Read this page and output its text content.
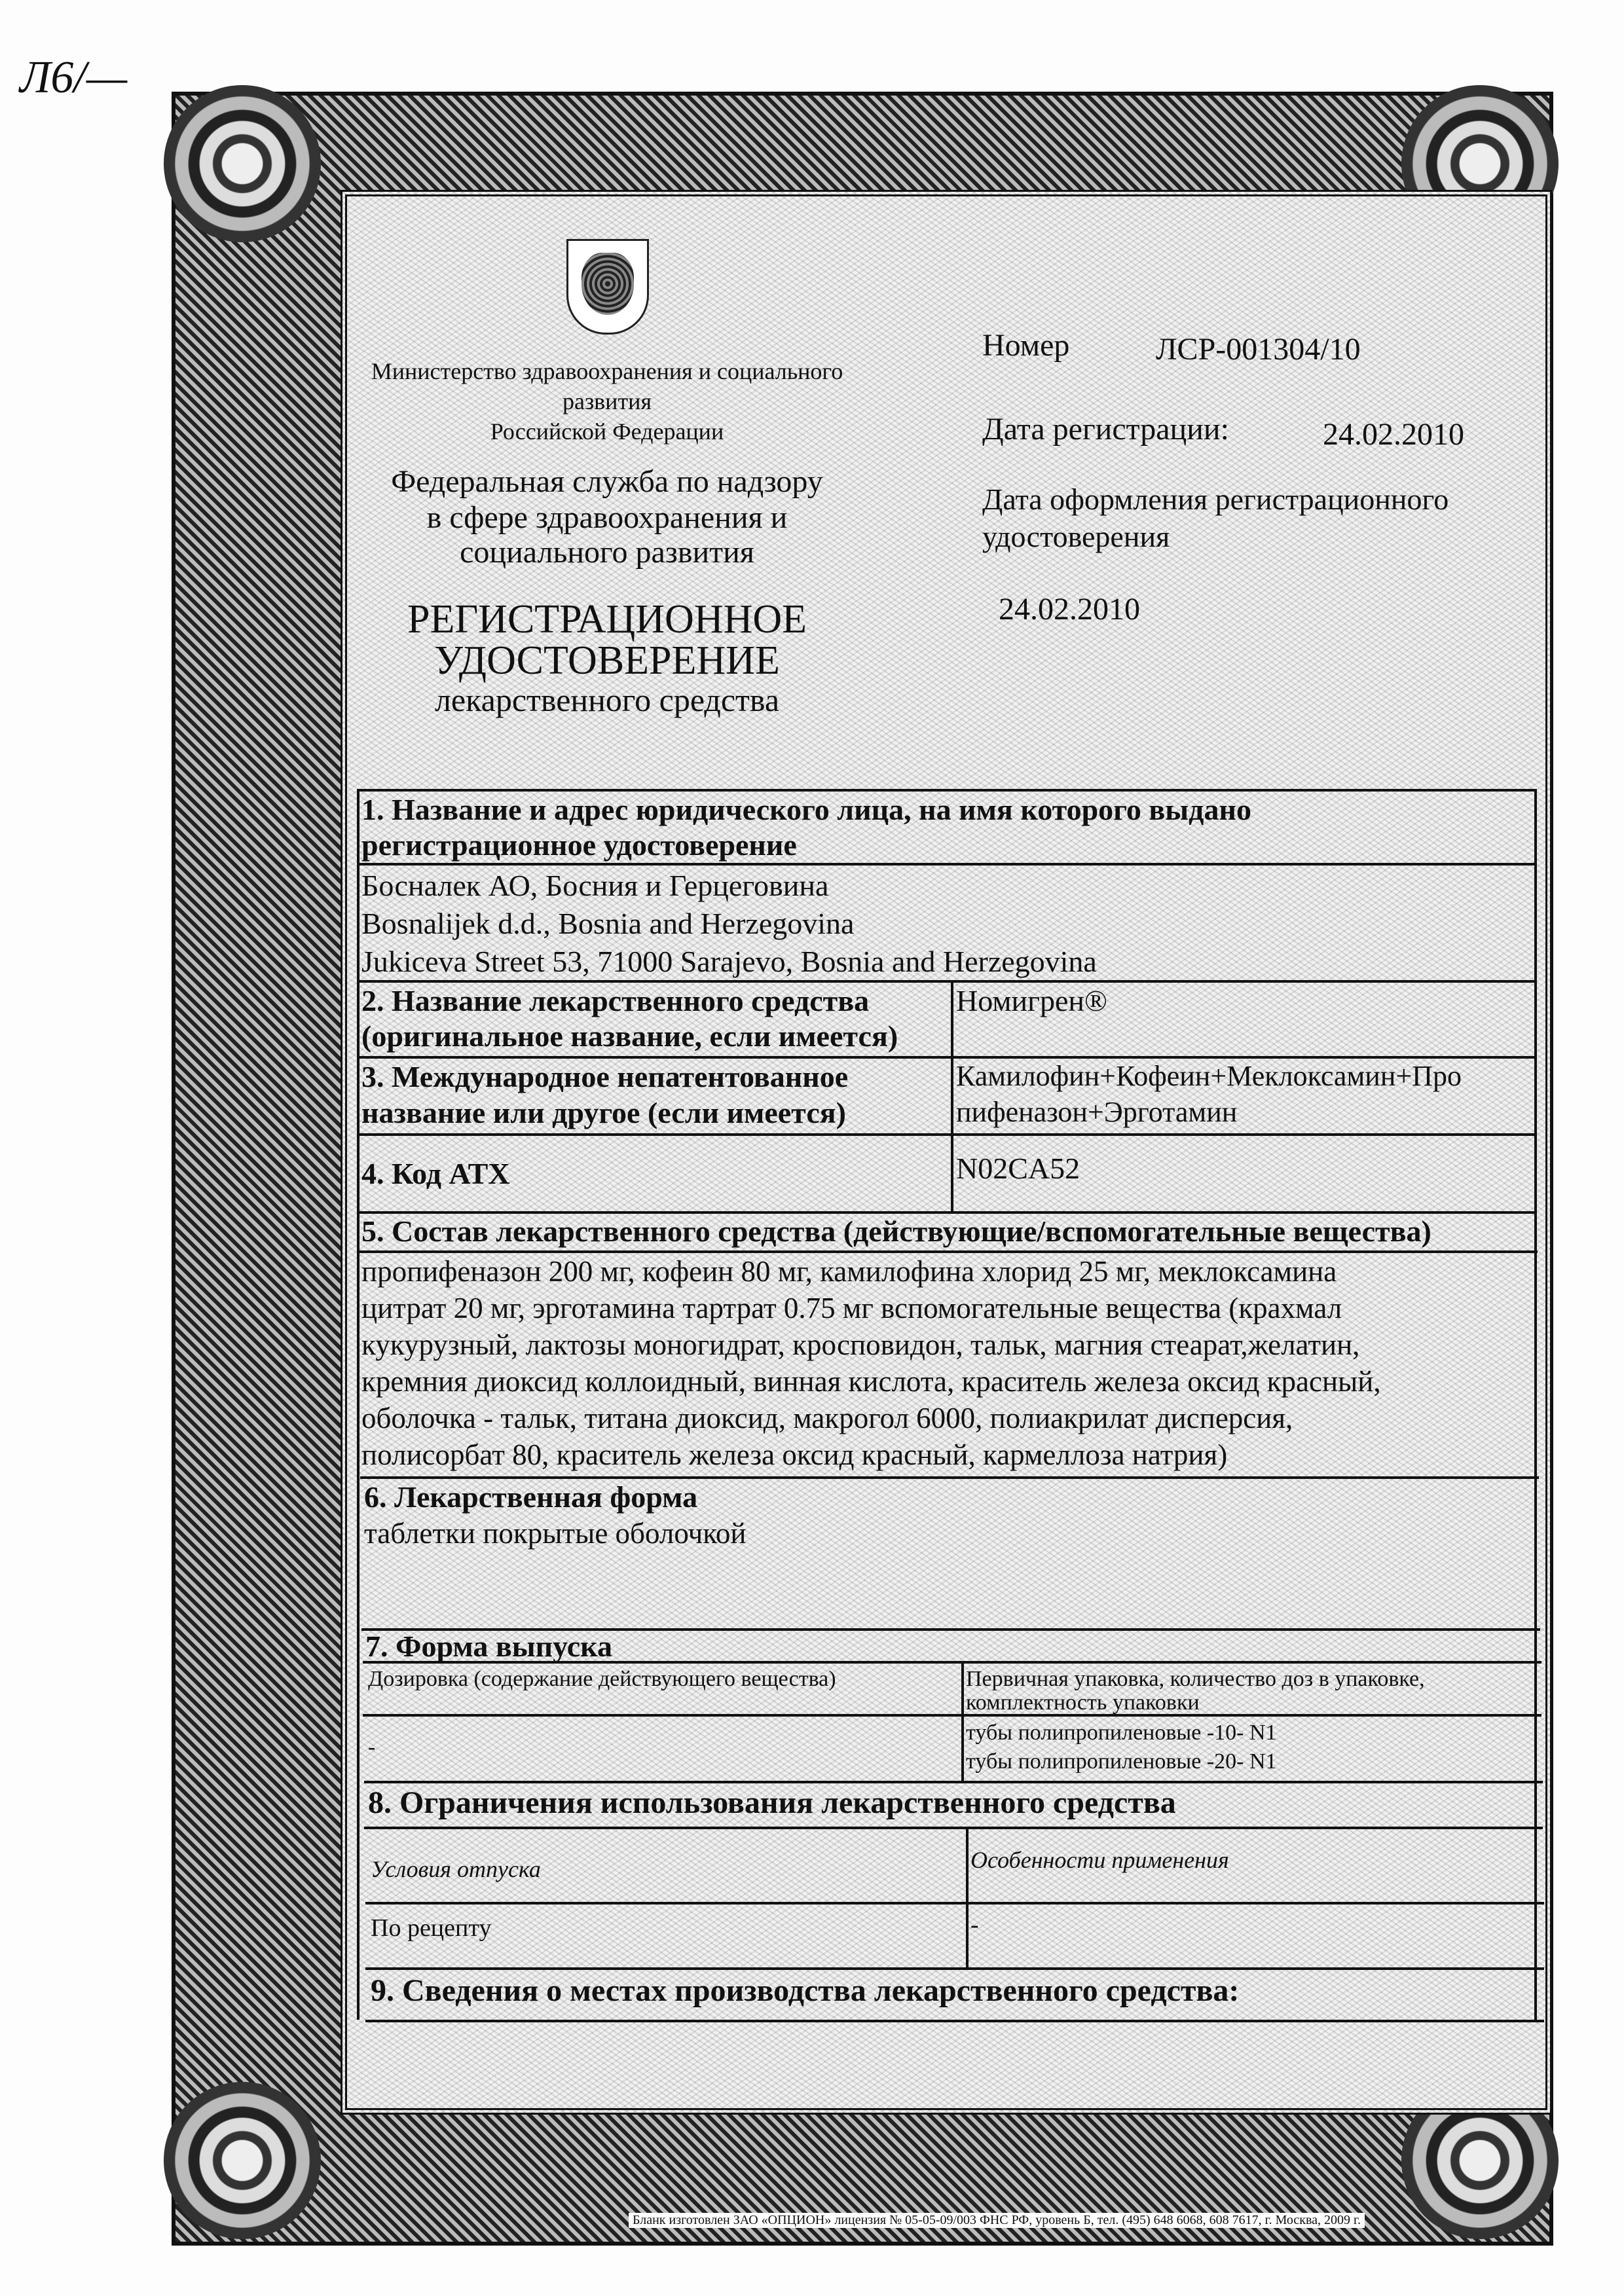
Л6/—
Министерство здравоохранения и социального
развития
Российской Федерации
Федеральная служба по надзору
в сфере здравоохранения и
социального развития
РЕГИСТРАЦИОННОЕ
УДОСТОВЕРЕНИЕ
лекарственного средства
Номер	ЛСР-001304/10
Дата регистрации:	24.02.2010
Дата оформления регистрационного
удостоверения
24.02.2010
1. Название и адрес юридического лица, на имя которого выдано
регистрационное удостоверение
Босналек АО, Босния и Герцеговина
Bosnalijek d.d., Bosnia and Herzegovina
Jukiceva Street 53, 71000 Sarajevo, Bosnia and Herzegovina
2. Название лекарственного средства
(оригинальное название, если имеется)
Номигрен®
3. Международное непатентованное
название или другое (если имеется)
Камилофин+Кофеин+Меклоксамин+Про
пифеназон+Эрготамин
4. Код АТХ	N02CA52
5. Состав лекарственного средства (действующие/вспомогательные вещества)
пропифеназон 200 мг, кофеин 80 мг, камилофина хлорид 25 мг, меклоксамина
цитрат 20 мг, эрготамина тартрат 0.75 мг вспомогательные вещества (крахмал
кукурузный, лактозы моногидрат, кросповидон, тальк, магния стеарат,желатин,
кремния диоксид коллоидный, винная кислота, краситель железа оксид красный,
оболочка - тальк, титана диоксид, макрогол 6000, полиакрилат дисперсия,
полисорбат 80, краситель железа оксид красный, кармеллоза натрия)
6. Лекарственная форма
таблетки покрытые оболочкой
7. Форма выпуска
Дозировка (содержание действующего вещества)	Первичная упаковка, количество доз в упаковке,
комплектность упаковки
-
тубы полипропиленовые -10- N1
тубы полипропиленовые -20- N1
8. Ограничения использования лекарственного средства
Условия отпуска	Особенности применения
По рецепту	-
9. Сведения о местах производства лекарственного средства:
Бланк изготовлен ЗАО «ОПЦИОН» лицензия № 05-05-09/003 ФНС РФ, уровень Б, тел. (495) 648 6068, 608 7617, г. Москва, 2009 г.
